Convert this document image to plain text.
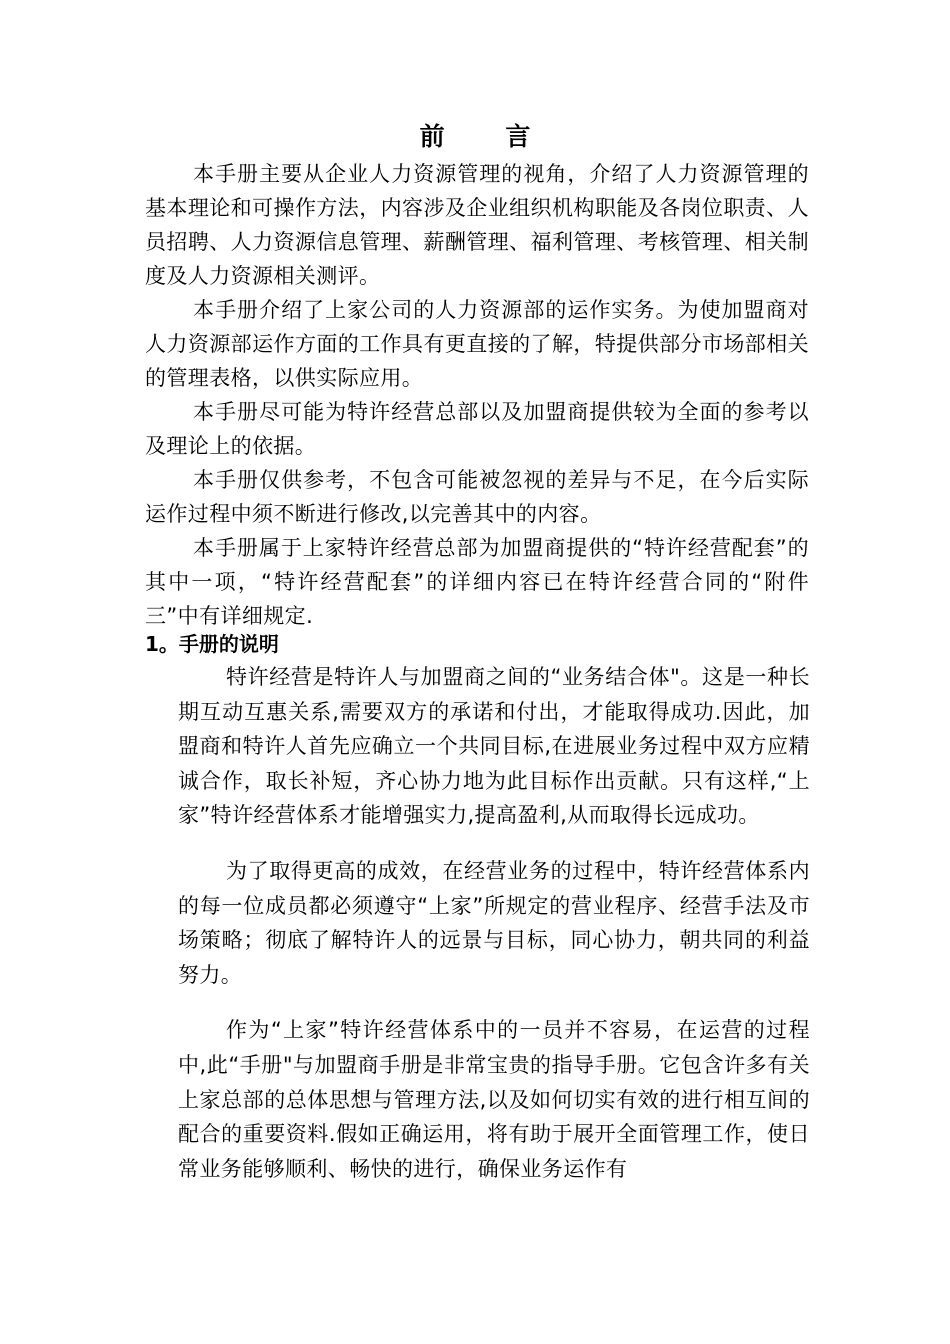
前 言

本手册主要从企业人力资源管理的视角，介绍了人力资源管理的基本理论和可操作方法，内容涉及企业组织机构职能及各岗位职责、人员招聘、人力资源信息管理、薪酬管理、福利管理、考核管理、相关制度及人力资源相关测评。

本手册介绍了上家公司的人力资源部的运作实务。为使加盟商对人力资源部运作方面的工作具有更直接的了解，特提供部分市场部相关的管理表格，以供实际应用。

本手册尽可能为特许经营总部以及加盟商提供较为全面的参考以及理论上的依据。

本手册仅供参考，不包含可能被忽视的差异与不足，在今后实际运作过程中须不断进行修改,以完善其中的内容。

本手册属于上家特许经营总部为加盟商提供的“特许经营配套”的其中一项，“特许经营配套”的详细内容已在特许经营合同的“附件三”中有详细规定.

1。手册的说明

特许经营是特许人与加盟商之间的“业务结合体"。这是一种长期互动互惠关系,需要双方的承诺和付出，才能取得成功.因此，加盟商和特许人首先应确立一个共同目标,在进展业务过程中双方应精诚合作，取长补短，齐心协力地为此目标作出贡献。只有这样,“上家”特许经营体系才能增强实力,提高盈利,从而取得长远成功。

为了取得更高的成效，在经营业务的过程中，特许经营体系内的每一位成员都必须遵守“上家”所规定的营业程序、经营手法及市场策略；彻底了解特许人的远景与目标，同心协力，朝共同的利益努力。

作为“上家”特许经营体系中的一员并不容易，在运营的过程中,此“手册"与加盟商手册是非常宝贵的指导手册。它包含许多有关上家总部的总体思想与管理方法,以及如何切实有效的进行相互间的配合的重要资料.假如正确运用，将有助于展开全面管理工作，使日常业务能够顺利、畅快的进行，确保业务运作有
